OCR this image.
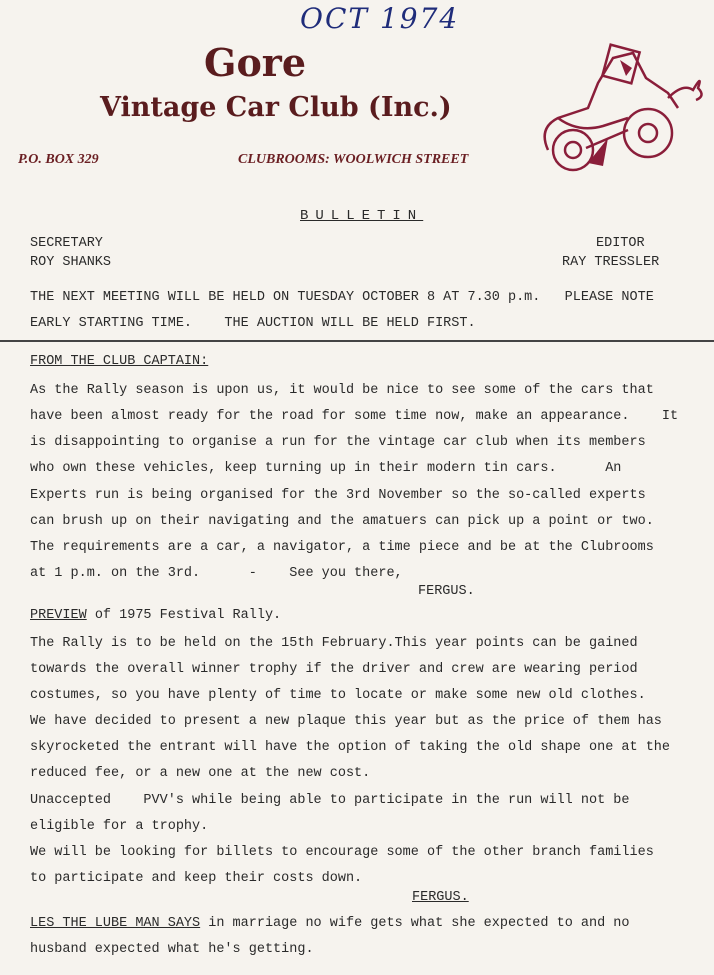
OCT 1974
Gore
Vintage Car Club (Inc.)
P.O. BOX 329	CLUBROOMS: WOOLWICH STREET
BULLETIN
SECRETARY
ROY SHANKS
EDITOR
RAY TRESSLER
THE NEXT MEETING WILL BE HELD ON TUESDAY OCTOBER 8 AT 7.30 p.m.   PLEASE NOTE
EARLY STARTING TIME.    THE AUCTION WILL BE HELD FIRST.
FROM THE CLUB CAPTAIN:
As the Rally season is upon us, it would be nice to see some of the cars that
have been almost ready for the road for some time now, make an appearance.    It
is disappointing to organise a run for the vintage car club when its members
who own these vehicles, keep turning up in their modern tin cars.      An
Experts run is being organised for the 3rd November so the so-called experts
can brush up on their navigating and the amatuers can pick up a point or two.
The requirements are a car, a navigator, a time piece and be at the Clubrooms
at 1 p.m. on the 3rd.      -    See you there,
FERGUS.
PREVIEW of 1975 Festival Rally.
The Rally is to be held on the 15th February.This year points can be gained
towards the overall winner trophy if the driver and crew are wearing period
costumes, so you have plenty of time to locate or make some new old clothes.
We have decided to present a new plaque this year but as the price of them has
skyrocketed the entrant will have the option of taking the old shape one at the
reduced fee, or a new one at the new cost.
Unaccepted    PVV's while being able to participate in the run will not be
eligible for a trophy.
We will be looking for billets to encourage some of the other branch families
to participate and keep their costs down.
FERGUS.
LES THE LUBE MAN SAYS in marriage no wife gets what she expected to and no
husband expected what he's getting.
